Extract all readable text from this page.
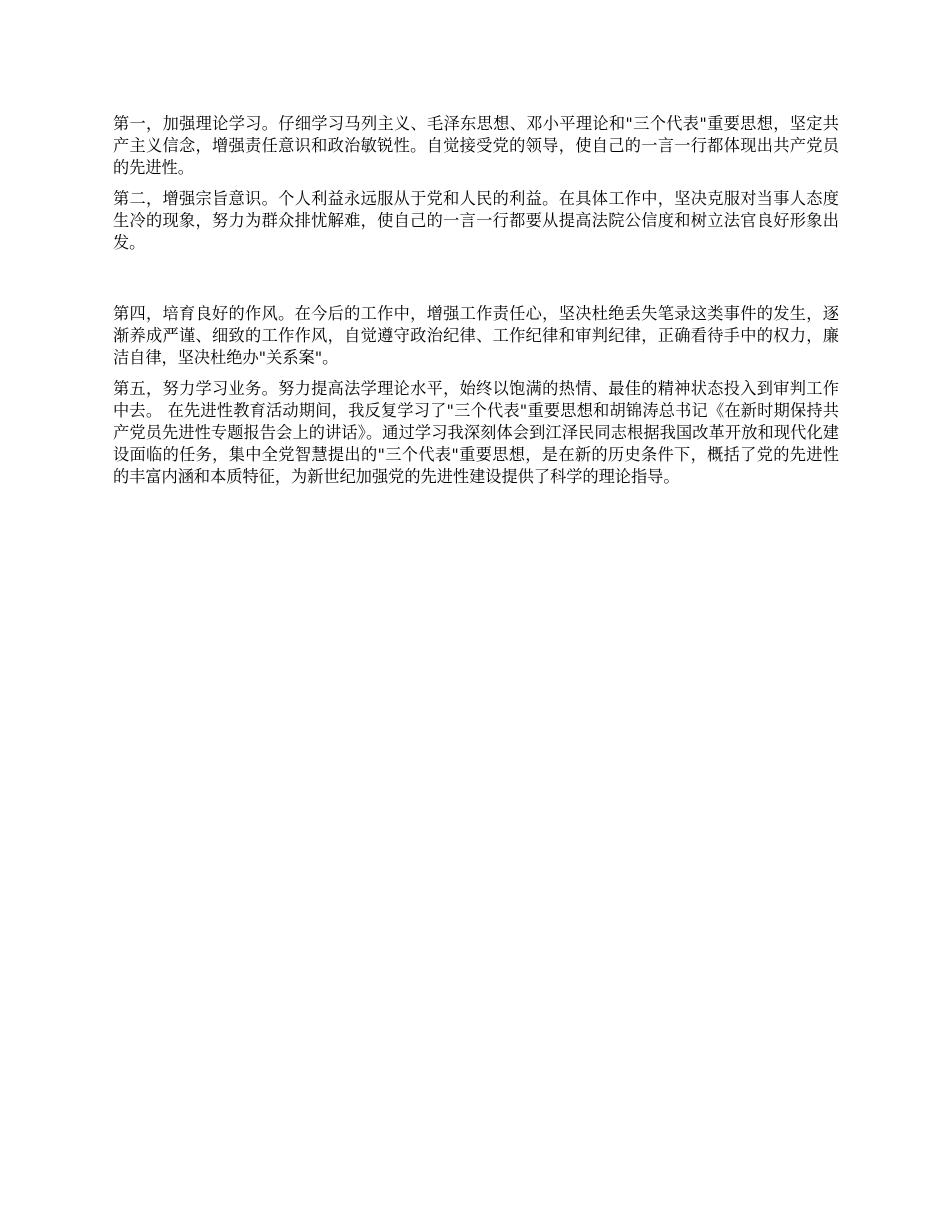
第一，加强理论学习。仔细学习马列主义、毛泽东思想、邓小平理论和"三个代表"重要思想，坚定共产主义信念，增强责任意识和政治敏锐性。自觉接受党的领导，使自己的一言一行都体现出共产党员的先进性。

第二，增强宗旨意识。个人利益永远服从于党和人民的利益。在具体工作中，坚决克服对当事人态度生冷的现象，努力为群众排忧解难，使自己的一言一行都要从提高法院公信度和树立法官良好形象出发。

第四，培育良好的作风。在今后的工作中，增强工作责任心，坚决杜绝丢失笔录这类事件的发生，逐渐养成严谨、细致的工作作风，自觉遵守政治纪律、工作纪律和审判纪律，正确看待手中的权力，廉洁自律，坚决杜绝办"关系案"。

第五，努力学习业务。努力提高法学理论水平，始终以饱满的热情、最佳的精神状态投入到审判工作中去。 在先进性教育活动期间，我反复学习了"三个代表"重要思想和胡锦涛总书记《在新时期保持共产党员先进性专题报告会上的讲话》。通过学习我深刻体会到江泽民同志根据我国改革开放和现代化建设面临的任务，集中全党智慧提出的"三个代表"重要思想，是在新的历史条件下，概括了党的先进性的丰富内涵和本质特征，为新世纪加强党的先进性建设提供了科学的理论指导。
